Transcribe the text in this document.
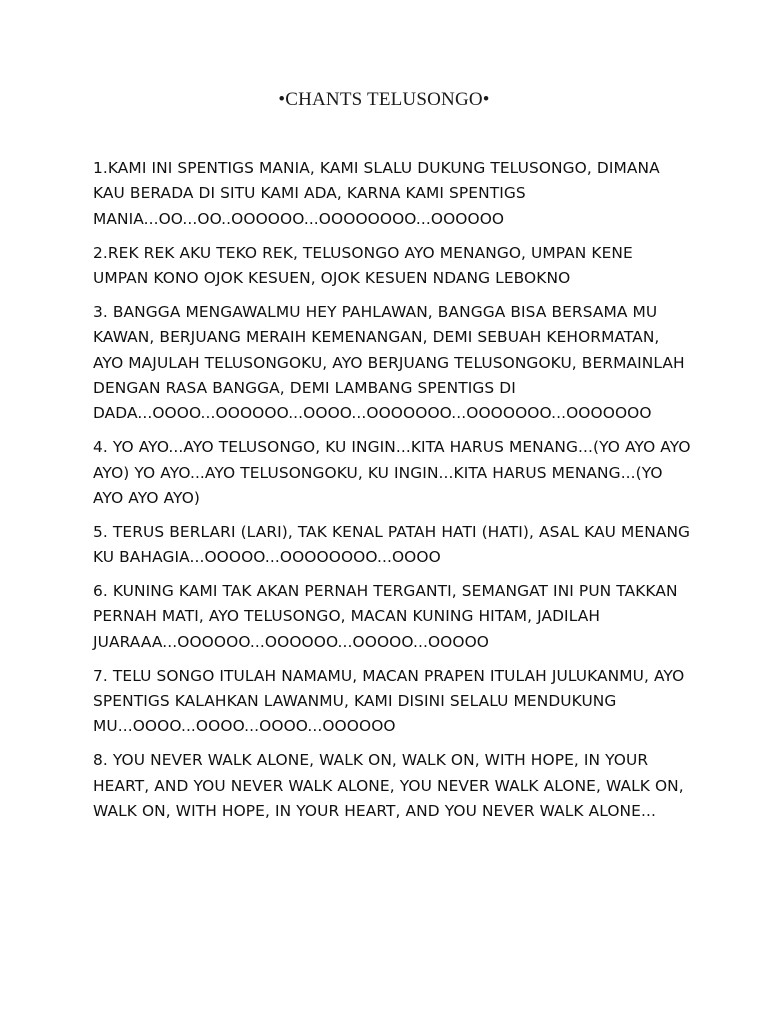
•CHANTS TELUSONGO•

1.KAMI INI SPENTIGS MANIA, KAMI SLALU DUKUNG TELUSONGO, DIMANA KAU BERADA DI SITU KAMI ADA, KARNA KAMI SPENTIGS MANIA...OO...OO..OOOOOO...OOOOOOOO...OOOOOO

2.REK REK AKU TEKO REK, TELUSONGO AYO MENANGO, UMPAN KENE UMPAN KONO OJOK KESUEN, OJOK KESUEN NDANG LEBOKNO

3. BANGGA MENGAWALMU HEY PAHLAWAN, BANGGA BISA BERSAMA MU KAWAN, BERJUANG MERAIH KEMENANGAN, DEMI SEBUAH KEHORMATAN, AYO MAJULAH TELUSONGOKU, AYO BERJUANG TELUSONGOKU, BERMAINLAH DENGAN RASA BANGGA, DEMI LAMBANG SPENTIGS DI DADA...OOOO...OOOOOO...OOOO...OOOOOOO...OOOOOOO...OOOOOOO

4. YO AYO...AYO TELUSONGO, KU INGIN...KITA HARUS MENANG...(YO AYO AYO AYO) YO AYO...AYO TELUSONGOKU, KU INGIN...KITA HARUS MENANG...(YO AYO AYO AYO)

5. TERUS BERLARI (LARI), TAK KENAL PATAH HATI (HATI), ASAL KAU MENANG KU BAHAGIA...OOOOO...OOOOOOOO...OOOO

6. KUNING KAMI TAK AKAN PERNAH TERGANTI, SEMANGAT INI PUN TAKKAN PERNAH MATI, AYO TELUSONGO, MACAN KUNING HITAM, JADILAH JUARAAA...OOOOOO...OOOOOO...OOOOO...OOOOO

7. TELU SONGO ITULAH NAMAMU, MACAN PRAPEN ITULAH JULUKANMU, AYO SPENTIGS KALAHKAN LAWANMU, KAMI DISINI SELALU MENDUKUNG MU...OOOO...OOOO...OOOO...OOOOOO

8. YOU NEVER WALK ALONE, WALK ON, WALK ON, WITH HOPE, IN YOUR HEART, AND YOU NEVER WALK ALONE, YOU NEVER WALK ALONE, WALK ON, WALK ON, WITH HOPE, IN YOUR HEART, AND YOU NEVER WALK ALONE...
